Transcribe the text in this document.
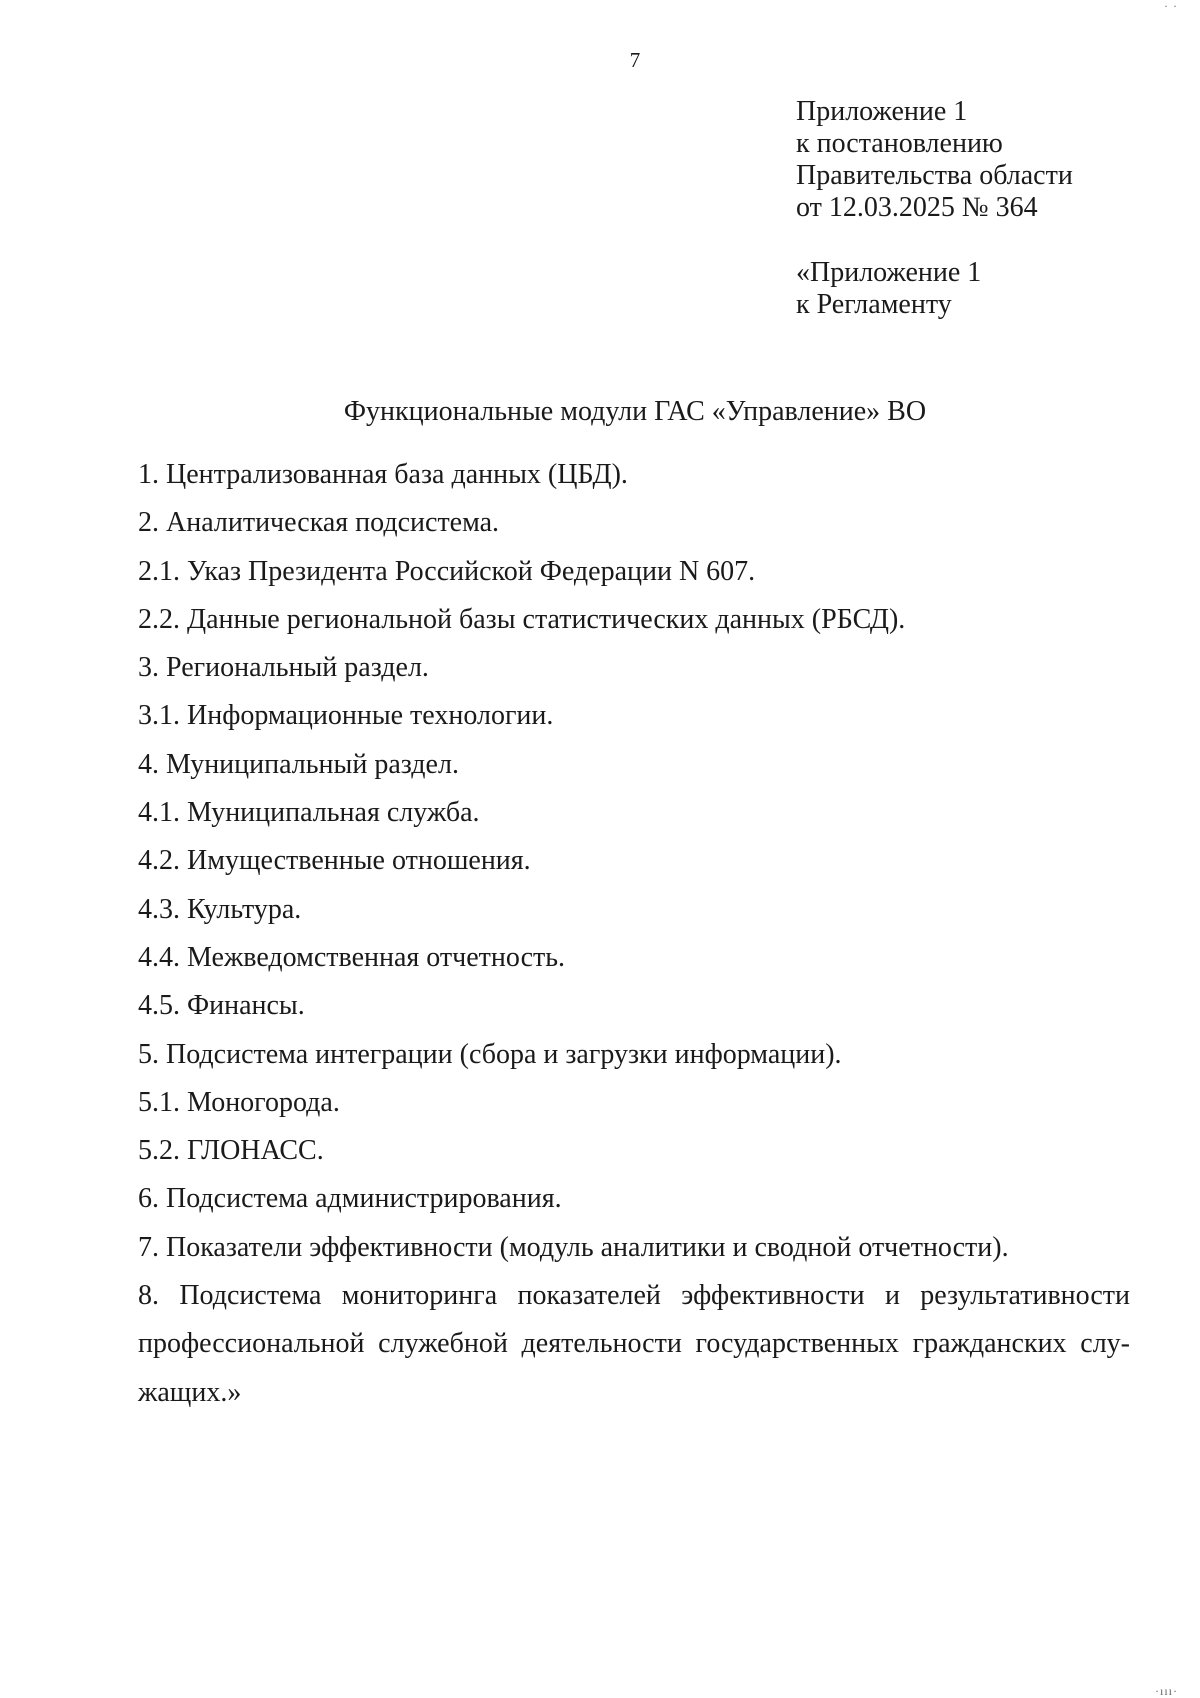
· ·
7
Приложение 1
к постановлению
Правительства области
от 12.03.2025 № 364
«Приложение 1
к Регламенту
Функциональные модули ГАС «Управление» ВО
1. Централизованная база данных (ЦБД).
2. Аналитическая подсистема.
2.1. Указ Президента Российской Федерации N 607.
2.2. Данные региональной базы статистических данных (РБСД).
3. Региональный раздел.
3.1. Информационные технологии.
4. Муниципальный раздел.
4.1. Муниципальная служба.
4.2. Имущественные отношения.
4.3. Культура.
4.4. Межведомственная отчетность.
4.5. Финансы.
5. Подсистема интеграции (сбора и загрузки информации).
5.1. Моногорода.
5.2. ГЛОНАСС.
6. Подсистема администрирования.
7. Показатели эффективности (модуль аналитики и сводной отчетности).
8. Подсистема мониторинга показателей эффективности и результативности профессиональной служебной деятельности государственных гражданских слу-жащих.»
·ııı·
